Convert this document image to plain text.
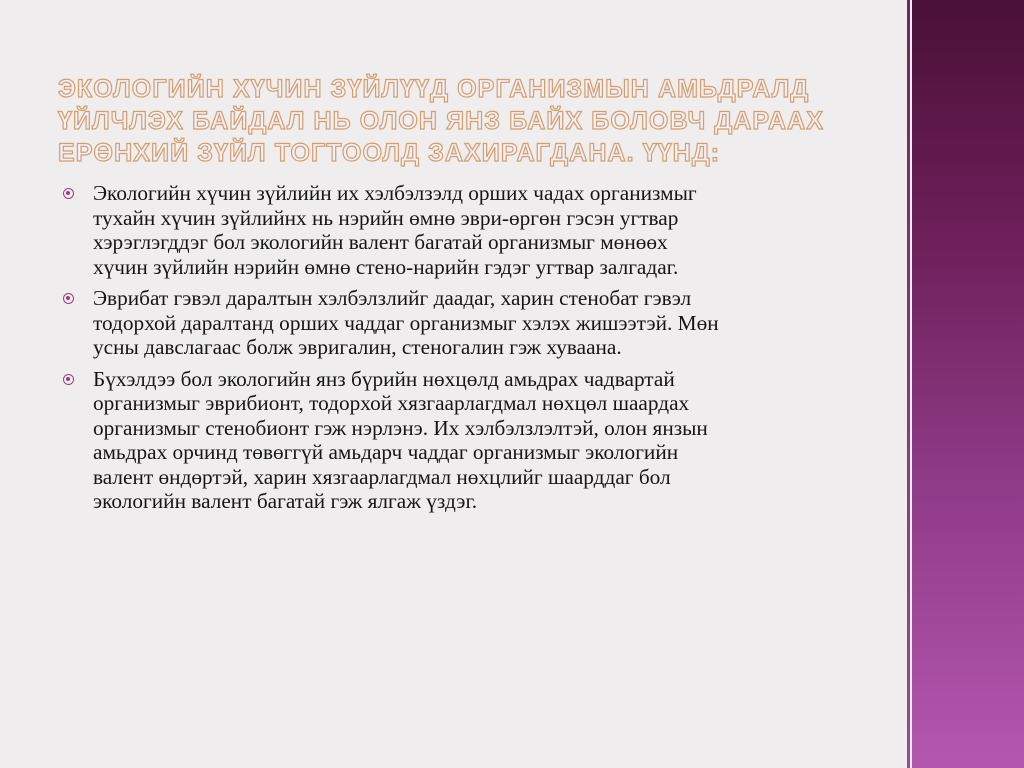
ЭКОЛОГИЙН ХҮЧИН ЗҮЙЛҮҮД ОРГАНИЗМЫН АМЬДРАЛД
ҮЙЛЧЛЭХ БАЙДАЛ НЬ ОЛОН ЯНЗ БАЙХ БОЛОВЧ ДАРААХ
ЕРӨНХИЙ ЗҮЙЛ ТОГТООЛД ЗАХИРАГДАНА. ҮҮНД:
Экологийн хүчин зүйлийн их хэлбэлзэлд орших чадах организмыг
тухайн хүчин зүйлийнх нь нэрийн өмнө эври-өргөн гэсэн угтвар
хэрэглэгддэг бол экологийн валент багатай организмыг мөнөөх
хүчин зүйлийн нэрийн өмнө стено-нарийн гэдэг угтвар залгадаг.
Эврибат гэвэл даралтын хэлбэлзлийг даадаг, харин стенобат гэвэл
тодорхой даралтанд орших чаддаг организмыг хэлэх жишээтэй. Мөн
усны давслагаас болж эвригалин, стеногалин гэж хуваана.
Бүхэлдээ бол экологийн янз бүрийн нөхцөлд амьдрах чадвартай
организмыг эврибионт, тодорхой хязгаарлагдмал нөхцөл шаардах
организмыг стенобионт гэж нэрлэнэ. Их хэлбэлзлэлтэй, олон янзын
амьдрах орчинд төвөггүй амьдарч чаддаг организмыг экологийн
валент өндөртэй, харин хязгаарлагдмал нөхцлийг шаарддаг бол
экологийн валент багатай гэж ялгаж үздэг.
